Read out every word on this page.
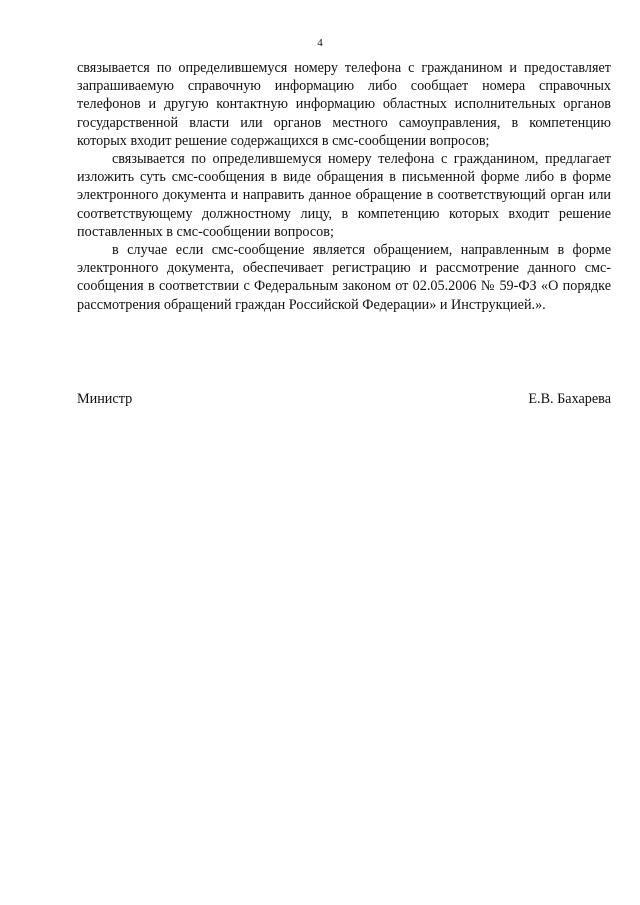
4

связывается по определившемуся номеру телефона с гражданином и предоставляет запрашиваемую справочную информацию либо сообщает номера справочных телефонов и другую контактную информацию областных исполнительных органов государственной власти или органов местного самоуправления, в компетенцию которых входит решение содержащихся в смс-сообщении вопросов;

связывается по определившемуся номеру телефона с гражданином, предлагает изложить суть смс-сообщения в виде обращения в письменной форме либо в форме электронного документа и направить данное обращение в соответствующий орган или соответствующему должностному лицу, в компетенцию которых входит решение поставленных в смс-сообщении вопросов;

в случае если смс-сообщение является обращением, направленным в форме электронного документа, обеспечивает регистрацию и рассмотрение данного смс-сообщения в соответствии с Федеральным законом от 02.05.2006 № 59-ФЗ «О порядке рассмотрения обращений граждан Российской Федерации» и Инструкцией.».

Министр	Е.В. Бахарева
